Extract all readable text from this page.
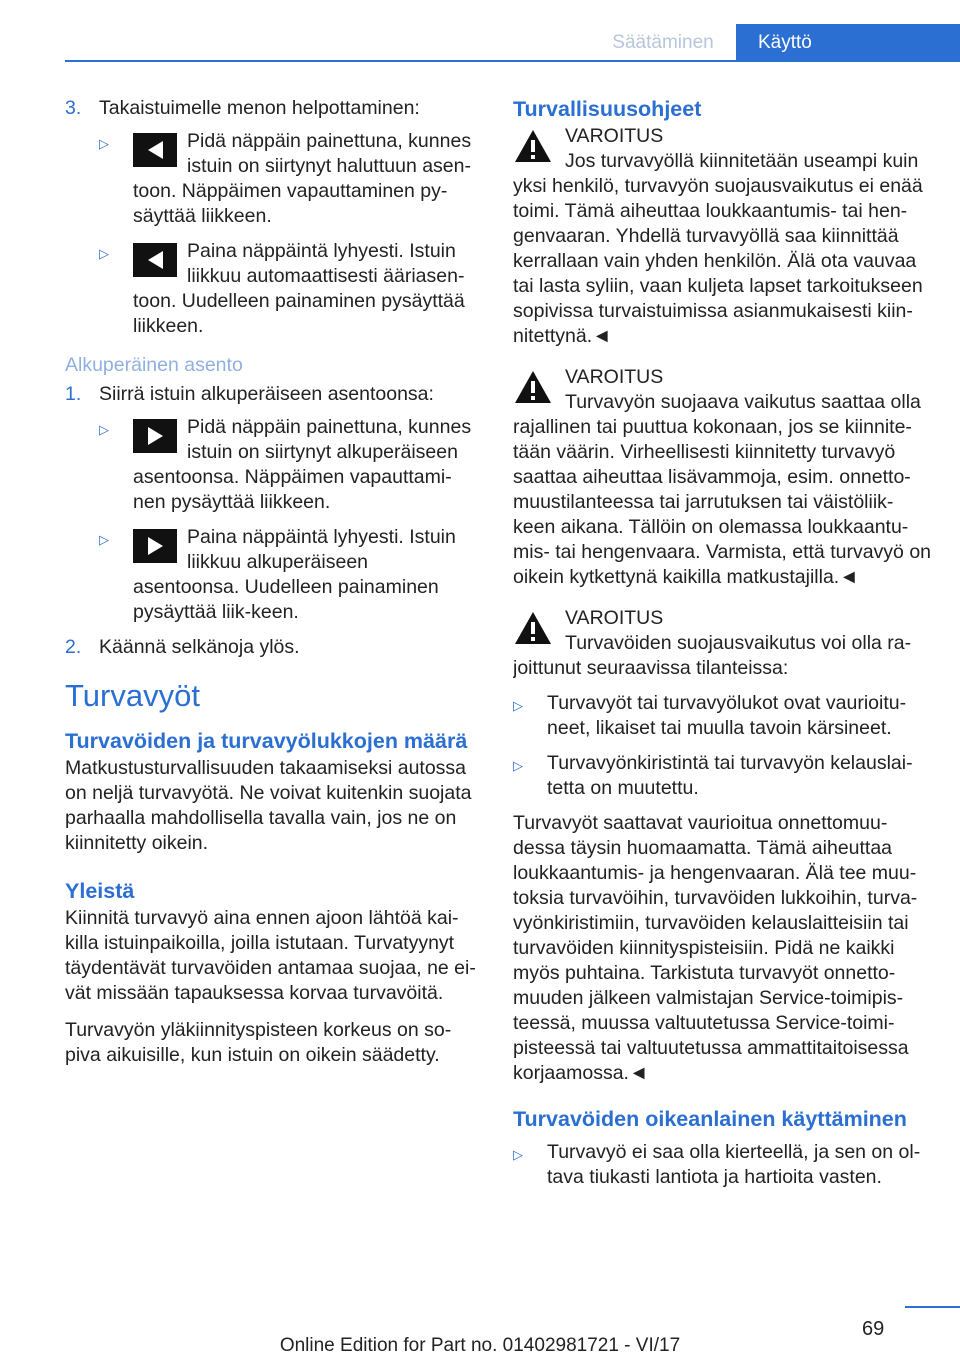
Säätäminen	Käyttö
3. Takaistuimelle menon helpottaminen:
▷	Pidä näppäin painettuna, kunnes istuin on siirtynyt haluttuun asen‐toon. Näppäimen vapauttaminen py‐säyttää liikkeen.
▷	Paina näppäintä lyhyesti. Istuin liikkuu automaattisesti ääriasen‐toon. Uudelleen painaminen pysäyttää liikkeen.
Alkuperäinen asento
1. Siirrä istuin alkuperäiseen asentoonsa:
▷	Pidä näppäin painettuna, kunnes istuin on siirtynyt alkuperäiseen asentoonsa. Näppäimen vapauttami‐nen pysäyttää liikkeen.
▷	Paina näppäintä lyhyesti. Istuin liikkuu alkuperäiseen asentoonsa. Uudelleen painaminen pysäyttää liik‐keen.
2. Käännä selkänoja ylös.
Turvavyöt
Turvavöiden ja turvavyölukkojen määrä

Matkustusturvallisuuden takaamiseksi autossa on neljä turvavyötä. Ne voivat kuitenkin suojata parhaalla mahdollisella tavalla vain, jos ne on kiinnitetty oikein.

Yleistä

Kiinnitä turvavyö aina ennen ajoon lähtöä kai‐killa istuinpaikoilla, joilla istutaan. Turvatyynyt täydentävät turvavöiden antamaa suojaa, ne ei‐vät missään tapauksessa korvaa turvavöitä.

Turvavyön yläkiinnityspisteen korkeus on so‐piva aikuisille, kun istuin on oikein säädetty.

Turvallisuusohjeet
VAROITUS
Jos turvavyöllä kiinnitetään useampi kuin yksi henkilö, turvavyön suojausvaikutus ei enää toimi. Tämä aiheuttaa loukkaantumis- tai hen‐genvaaran. Yhdellä turvavyöllä saa kiinnittää kerrallaan vain yhden henkilön. Älä ota vauvaa tai lasta syliin, vaan kuljeta lapset tarkoitukseen sopivissa turvaistuimissa asianmukaisesti kiin‐nitettynä.◄
VAROITUS
Turvavyön suojaava vaikutus saattaa olla rajallinen tai puuttua kokonaan, jos se kiinnite‐tään väärin. Virheellisesti kiinnitetty turvavyö saattaa aiheuttaa lisävammoja, esim. onnetto‐muustilanteessa tai jarrutuksen tai väistöliik‐keen aikana. Tällöin on olemassa loukkaantu‐mis- tai hengenvaara. Varmista, että turvavyö on oikein kytkettynä kaikilla matkustajilla.◄
VAROITUS
Turvavöiden suojausvaikutus voi olla ra‐joittunut seuraavissa tilanteissa:
▷	Turvavyöt tai turvavyölukot ovat vaurioitu‐neet, likaiset tai muulla tavoin kärsineet.
▷	Turvavyönkiristintä tai turvavyön kelauslai‐tetta on muutettu.

Turvavyöt saattavat vaurioitua onnettomuu‐dessa täysin huomaamatta. Tämä aiheuttaa loukkaantumis- ja hengenvaaran. Älä tee muu‐toksia turvavöihin, turvavöiden lukkoihin, turva‐vyönkiristimiin, turvavöiden kelauslaitteisiin tai turvavöiden kiinnityspisteisiin. Pidä ne kaikki myös puhtaina. Tarkistuta turvavyöt onnetto‐muuden jälkeen valmistajan Service-toimipis‐teessä, muussa valtuutetussa Service-toimi‐pisteessä tai valtuutetussa ammattitaitoisessa korjaamossa.◄

Turvavöiden oikeanlainen käyttäminen
▷	Turvavyö ei saa olla kierteellä, ja sen on ol‐tava tiukasti lantiota ja hartioita vasten.
69
Online Edition for Part no. 01402981721 - VI/17
